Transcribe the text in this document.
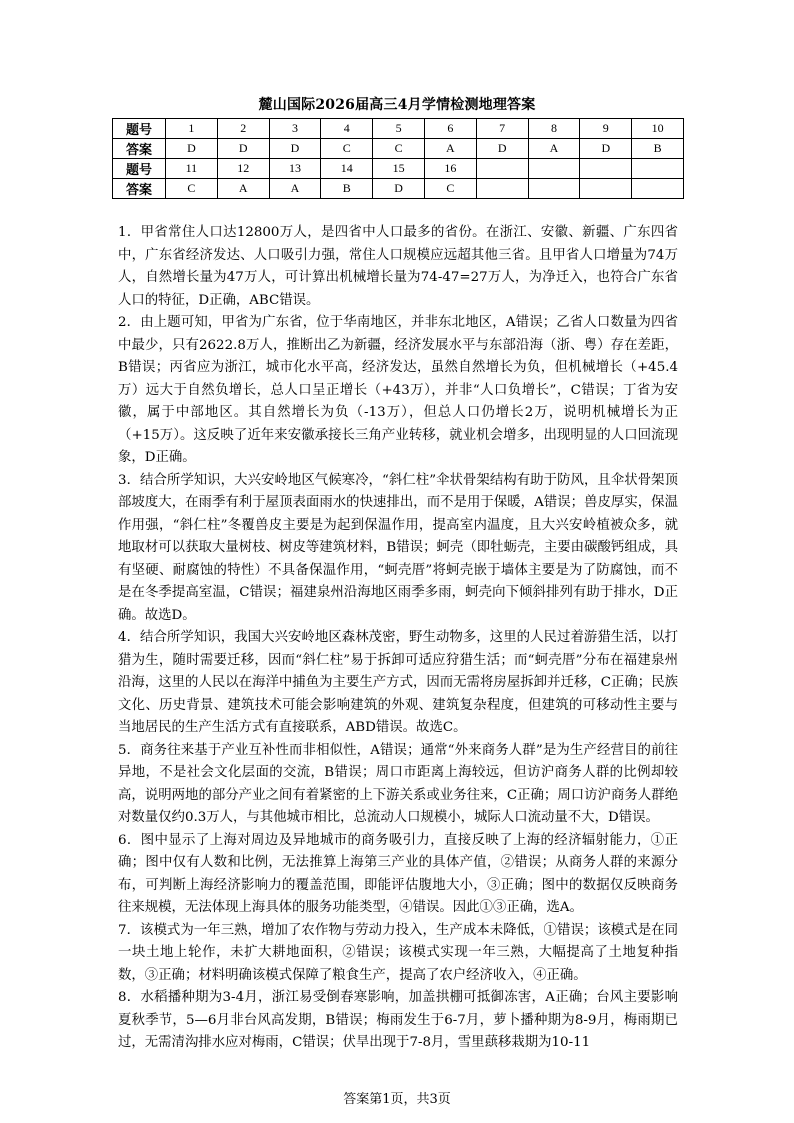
麓山国际2026届高三4月学情检测地理答案
题号	1	2	3	4	5	6	7	8	9	10
答案	D	D	D	C	C	A	D	A	D	B
题号	11	12	13	14	15	16				
答案	C	A	A	B	D	C				

1．甲省常住人口达12800万人，是四省中人口最多的省份。在浙江、安徽、新疆、广东四省中，广东省经济发达、人口吸引力强，常住人口规模应远超其他三省。且甲省人口增量为74万人，自然增长量为47万人，可计算出机械增长量为74-47=27万人，为净迁入，也符合广东省人口的特征，D正确，ABC错误。

2．由上题可知，甲省为广东省，位于华南地区，并非东北地区，A错误；乙省人口数量为四省中最少，只有2622.8万人，推断出乙为新疆，经济发展水平与东部沿海（浙、粤）存在差距，B错误；丙省应为浙江，城市化水平高，经济发达，虽然自然增长为负，但机械增长（+45.4万）远大于自然负增长，总人口呈正增长（+43万），并非“人口负增长”，C错误；丁省为安徽，属于中部地区。其自然增长为负（-13万），但总人口仍增长2万，说明机械增长为正（+15万）。这反映了近年来安徽承接长三角产业转移，就业机会增多，出现明显的人口回流现象，D正确。

3．结合所学知识，大兴安岭地区气候寒冷，“斜仁柱”伞状骨架结构有助于防风，且伞状骨架顶部坡度大，在雨季有利于屋顶表面雨水的快速排出，而不是用于保暖，A错误；兽皮厚实，保温作用强，“斜仁柱”冬覆兽皮主要是为起到保温作用，提高室内温度，且大兴安岭植被众多，就地取材可以获取大量树枝、树皮等建筑材料，B错误；蚵壳（即牡蛎壳，主要由碳酸钙组成，具有坚硬、耐腐蚀的特性）不具备保温作用，“蚵壳厝”将蚵壳嵌于墙体主要是为了防腐蚀，而不是在冬季提高室温，C错误；福建泉州沿海地区雨季多雨，蚵壳向下倾斜排列有助于排水，D正确。故选D。

4．结合所学知识，我国大兴安岭地区森林茂密，野生动物多，这里的人民过着游猎生活，以打猎为生，随时需要迁移，因而“斜仁柱”易于拆卸可适应狩猎生活；而“蚵壳厝”分布在福建泉州沿海，这里的人民以在海洋中捕鱼为主要生产方式，因而无需将房屋拆卸并迁移，C正确；民族文化、历史背景、建筑技术可能会影响建筑的外观、建筑复杂程度，但建筑的可移动性主要与当地居民的生产生活方式有直接联系，ABD错误。故选C。

5．商务往来基于产业互补性而非相似性，A错误；通常“外来商务人群”是为生产经营目的前往异地，不是社会文化层面的交流，B错误；周口市距离上海较远，但访沪商务人群的比例却较高，说明两地的部分产业之间有着紧密的上下游关系或业务往来，C正确；周口访沪商务人群绝对数量仅约0.3万人，与其他城市相比，总流动人口规模小，城际人口流动量不大，D错误。

6．图中显示了上海对周边及异地城市的商务吸引力，直接反映了上海的经济辐射能力，①正确；图中仅有人数和比例，无法推算上海第三产业的具体产值，②错误；从商务人群的来源分布，可判断上海经济影响力的覆盖范围，即能评估腹地大小，③正确；图中的数据仅反映商务往来规模，无法体现上海具体的服务功能类型，④错误。因此①③正确，选A。

7．该模式为一年三熟，增加了农作物与劳动力投入，生产成本未降低，①错误；该模式是在同一块土地上轮作，未扩大耕地面积，②错误；该模式实现一年三熟，大幅提高了土地复种指数，③正确；材料明确该模式保障了粮食生产，提高了农户经济收入，④正确。

8．水稻播种期为3-4月，浙江易受倒春寒影响，加盖拱棚可抵御冻害，A正确；台风主要影响夏秋季节，5—6月非台风高发期，B错误；梅雨发生于6-7月，萝卜播种期为8-9月，梅雨期已过，无需清沟排水应对梅雨，C错误；伏旱出现于7-8月，雪里蕻移栽期为10-11

答案第1页，共3页
